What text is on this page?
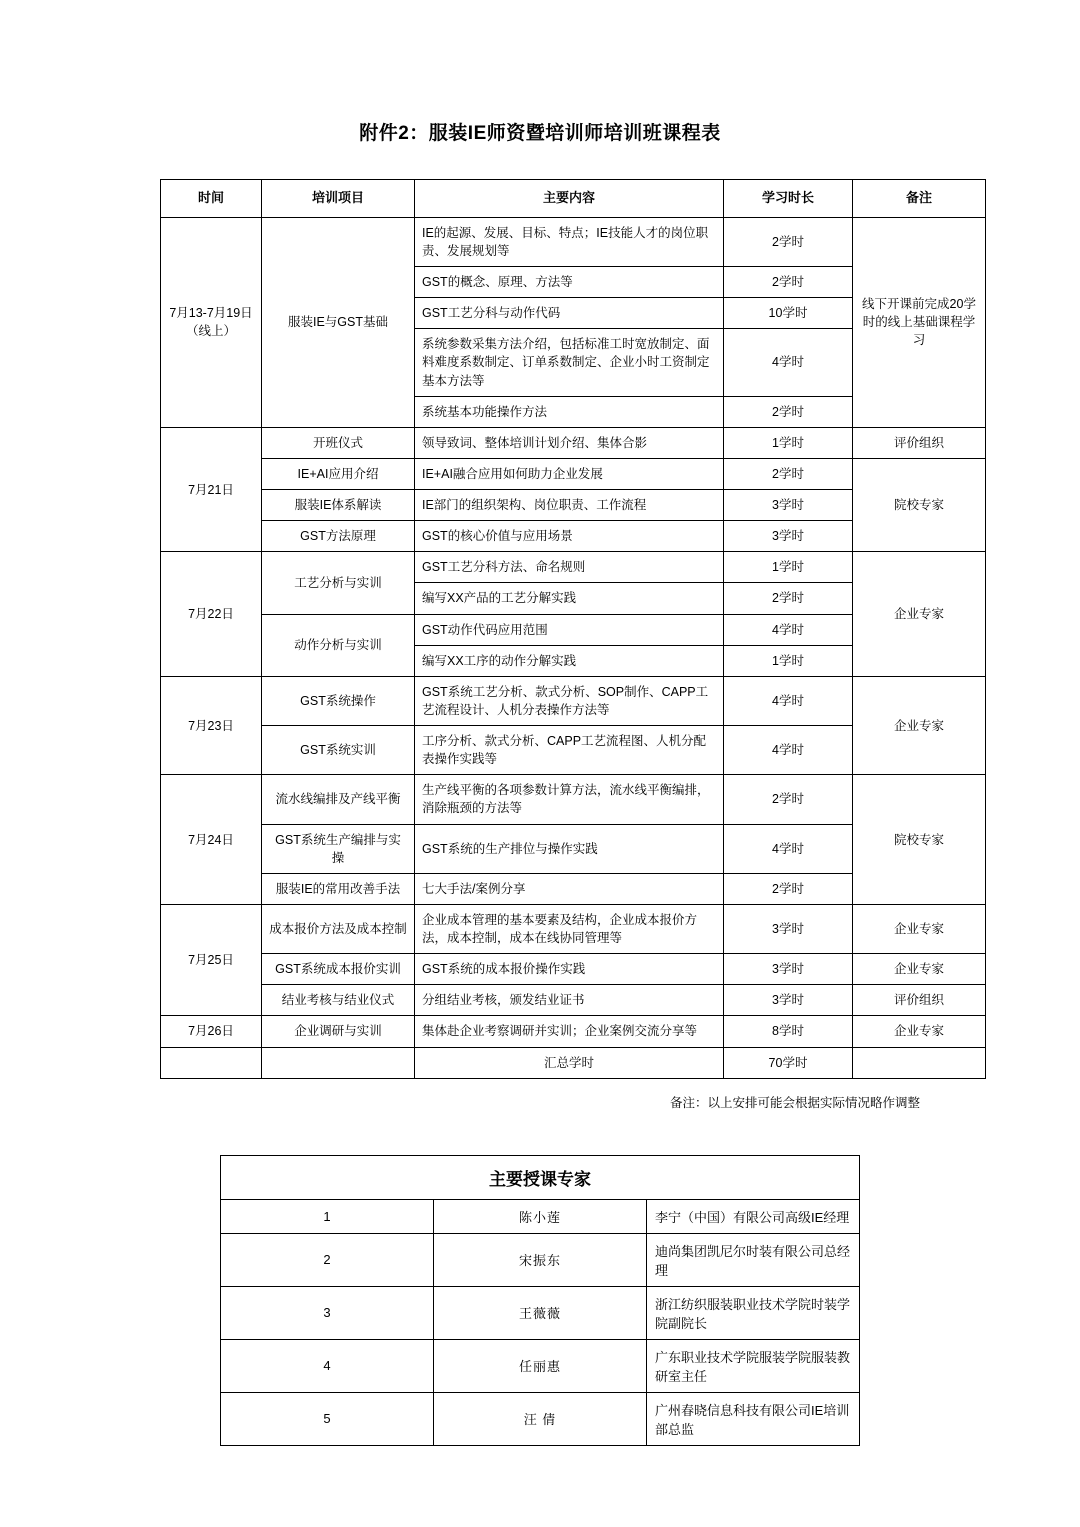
附件2：服装IE师资暨培训师培训班课程表
时间	培训项目	主要内容	学习时长	备注
7月13-7月19日（线上）	服装IE与GST基础	IE的起源、发展、目标、特点；IE技能人才的岗位职责、发展规划等	2学时	线下开课前完成20学时的线上基础课程学习
		GST的概念、原理、方法等	2学时	
		GST工艺分科与动作代码	10学时	
		系统参数采集方法介绍，包括标准工时宽放制定、面料难度系数制定、订单系数制定、企业小时工资制定基本方法等	4学时	
		系统基本功能操作方法	2学时	
7月21日	开班仪式	领导致词、整体培训计划介绍、集体合影	1学时	评价组织
	IE+AI应用介绍	IE+AI融合应用如何助力企业发展	2学时	院校专家
	服装IE体系解读	IE部门的组织架构、岗位职责、工作流程	3学时	
	GST方法原理	GST的核心价值与应用场景	3学时	
7月22日	工艺分析与实训	GST工艺分科方法、命名规则	1学时	企业专家
		编写XX产品的工艺分解实践	2学时	
	动作分析与实训	GST动作代码应用范围	4学时	
		编写XX工序的动作分解实践	1学时	
7月23日	GST系统操作	GST系统工艺分析、款式分析、SOP制作、CAPP工艺流程设计、人机分表操作方法等	4学时	企业专家
	GST系统实训	工序分析、款式分析、CAPP工艺流程图、人机分配表操作实践等	4学时	
7月24日	流水线编排及产线平衡	生产线平衡的各项参数计算方法，流水线平衡编排，消除瓶颈的方法等	2学时	院校专家
	GST系统生产编排与实操	GST系统的生产排位与操作实践	4学时	
	服装IE的常用改善手法	七大手法/案例分享	2学时	
7月25日	成本报价方法及成本控制	企业成本管理的基本要素及结构，企业成本报价方法，成本控制，成本在线协同管理等	3学时	企业专家
	GST系统成本报价实训	GST系统的成本报价操作实践	3学时	企业专家
	结业考核与结业仪式	分组结业考核，颁发结业证书	3学时	评价组织
7月26日	企业调研与实训	集体赴企业考察调研并实训；企业案例交流分享等	8学时	企业专家
		汇总学时	70学时	
备注：以上安排可能会根据实际情况略作调整
主要授课专家		
1	陈小莲	李宁（中国）有限公司高级IE经理
2	宋振东	迪尚集团凯尼尔时装有限公司总经理
3	王薇薇	浙江纺织服装职业技术学院时装学院副院长
4	任丽惠	广东职业技术学院服装学院服装教研室主任
5	汪 倩	广州春晓信息科技有限公司IE培训部总监
